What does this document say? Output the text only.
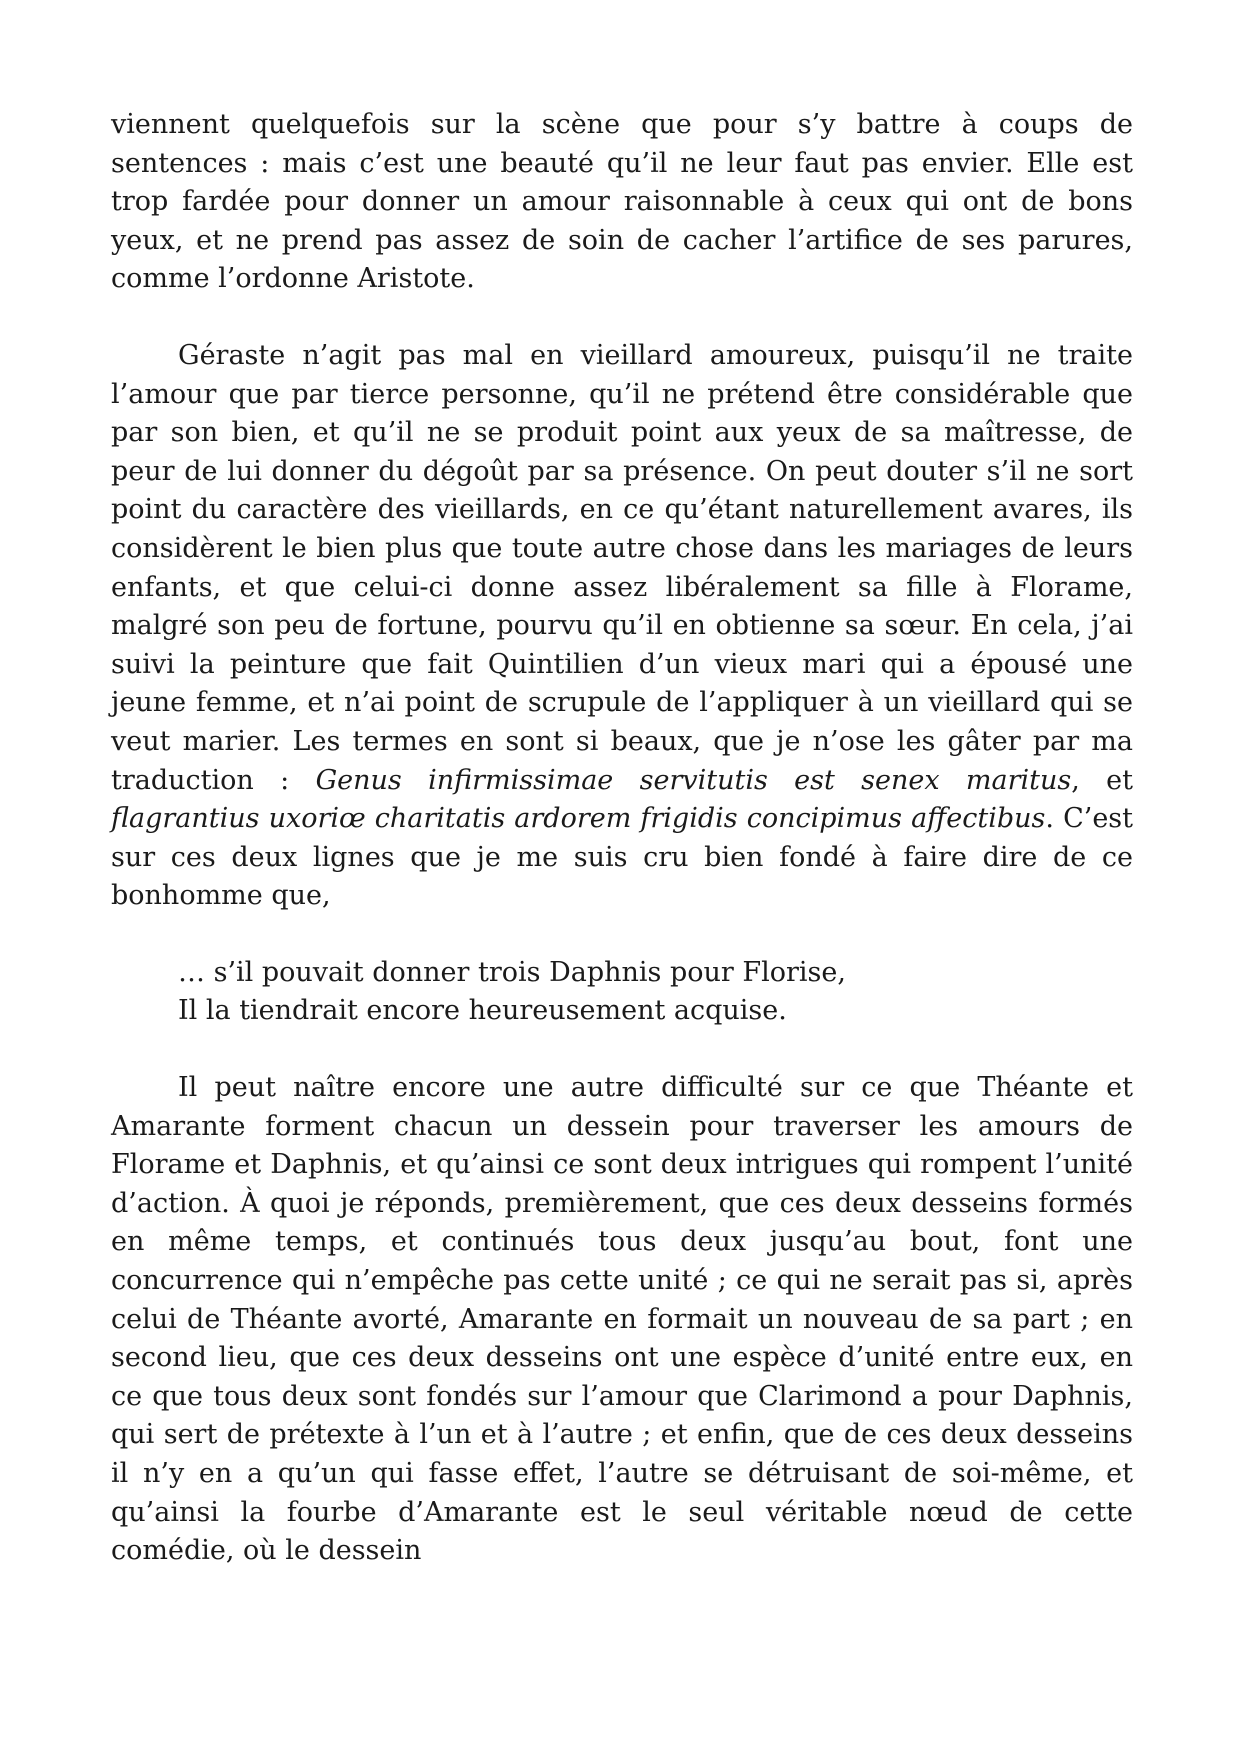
viennent quelquefois sur la scène que pour s’y battre à coups de sentences : mais c’est une beauté qu’il ne leur faut pas envier. Elle est trop fardée pour donner un amour raisonnable à ceux qui ont de bons yeux, et ne prend pas assez de soin de cacher l’artifice de ses parures, comme l’ordonne Aristote.

Géraste n’agit pas mal en vieillard amoureux, puisqu’il ne traite l’amour que par tierce personne, qu’il ne prétend être considérable que par son bien, et qu’il ne se produit point aux yeux de sa maîtresse, de peur de lui donner du dégoût par sa présence. On peut douter s’il ne sort point du caractère des vieillards, en ce qu’étant naturellement avares, ils considèrent le bien plus que toute autre chose dans les mariages de leurs enfants, et que celui-ci donne assez libéralement sa fille à Florame, malgré son peu de fortune, pourvu qu’il en obtienne sa sœur. En cela, j’ai suivi la peinture que fait Quintilien d’un vieux mari qui a épousé une jeune femme, et n’ai point de scrupule de l’appliquer à un vieillard qui se veut marier. Les termes en sont si beaux, que je n’ose les gâter par ma traduction : Genus infirmissimae servitutis est senex maritus, et flagrantius uxoriœ charitatis ardorem frigidis concipimus affectibus. C’est sur ces deux lignes que je me suis cru bien fondé à faire dire de ce bonhomme que,

… s’il pouvait donner trois Daphnis pour Florise,
Il la tiendrait encore heureusement acquise.

Il peut naître encore une autre difficulté sur ce que Théante et Amarante forment chacun un dessein pour traverser les amours de Florame et Daphnis, et qu’ainsi ce sont deux intrigues qui rompent l’unité d’action. À quoi je réponds, premièrement, que ces deux desseins formés en même temps, et continués tous deux jusqu’au bout, font une concurrence qui n’empêche pas cette unité ; ce qui ne serait pas si, après celui de Théante avorté, Amarante en formait un nouveau de sa part ; en second lieu, que ces deux desseins ont une espèce d’unité entre eux, en ce que tous deux sont fondés sur l’amour que Clarimond a pour Daphnis, qui sert de prétexte à l’un et à l’autre ; et enfin, que de ces deux desseins il n’y en a qu’un qui fasse effet, l’autre se détruisant de soi-même, et qu’ainsi la fourbe d’Amarante est le seul véritable nœud de cette comédie, où le dessein
